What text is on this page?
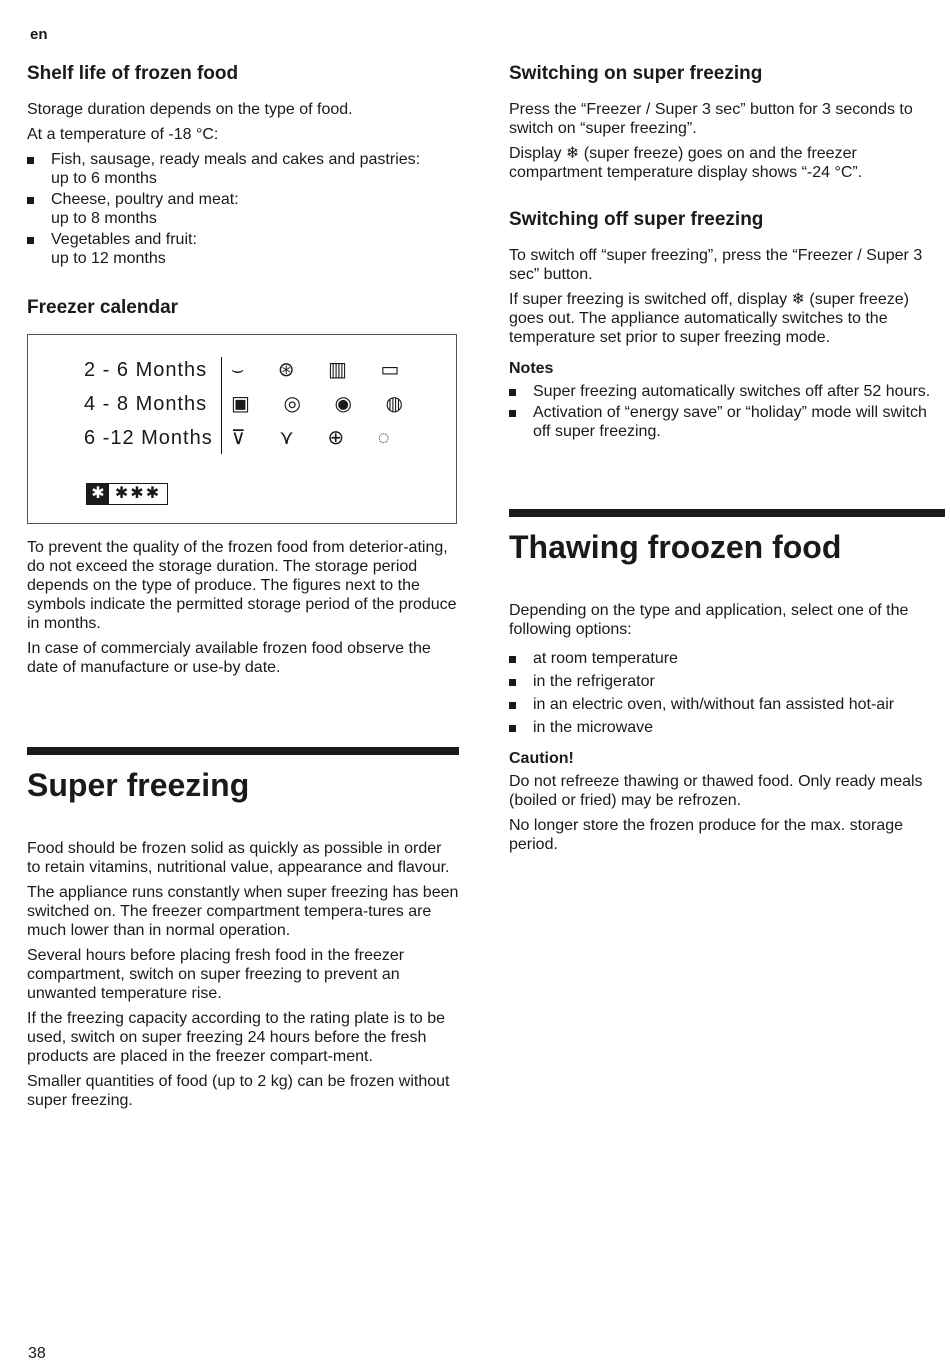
en
Shelf life of frozen food

Storage duration depends on the type of food.

At a temperature of -18 °C:

Fish, sausage, ready meals and cakes and pastries:
up to 6 months
Cheese, poultry and meat:
up to 8 months
Vegetables and fruit:
up to 12 months
Freezer calendar
2 - 6 Months
4 - 8 Months
6 -12 Months
⌣ ⊛ ▥ ▭
▣ ◎ ◉ ◍
⊽ ⋎ ⊕ ◌
✱ ✱✱✱

To prevent the quality of the frozen food from deterior-ating, do not exceed the storage duration. The storage period depends on the type of produce. The figures next to the symbols indicate the permitted storage period of the produce in months.

In case of commercialy available frozen food observe the date of manufacture or use-by date.

Super freezing

Food should be frozen solid as quickly as possible in order to retain vitamins, nutritional value, appearance and flavour.

The appliance runs constantly when super freezing has been switched on. The freezer compartment tempera-tures are much lower than in normal operation.

Several hours before placing fresh food in the freezer compartment, switch on super freezing to prevent an unwanted temperature rise.

If the freezing capacity according to the rating plate is to be used, switch on super freezing 24 hours before the fresh products are placed in the freezer compart-ment.

Smaller quantities of food (up to 2 kg) can be frozen without super freezing.

Switching on super freezing

Press the “Freezer / Super 3 sec” button for 3 seconds to switch on “super freezing”.

Display ❄ (super freeze) goes on and the freezer compartment temperature display shows “-24 °C”.

Switching off super freezing

To switch off “super freezing”, press the “Freezer / Super 3 sec” button.

If super freezing is switched off, display ❄ (super freeze) goes out. The appliance automatically switches to the temperature set prior to super freezing mode.

Notes
Super freezing automatically switches off after 52 hours.
Activation of “energy save” or “holiday” mode will switch off super freezing.
Thawing froozen food

Depending on the type and application, select one of the following options:

at room temperature
in the refrigerator
in an electric oven, with/without fan assisted hot-air
in the microwave
Caution!

Do not refreeze thawing or thawed food. Only ready meals (boiled or fried) may be refrozen.

No longer store the frozen produce for the max. storage period.

38
